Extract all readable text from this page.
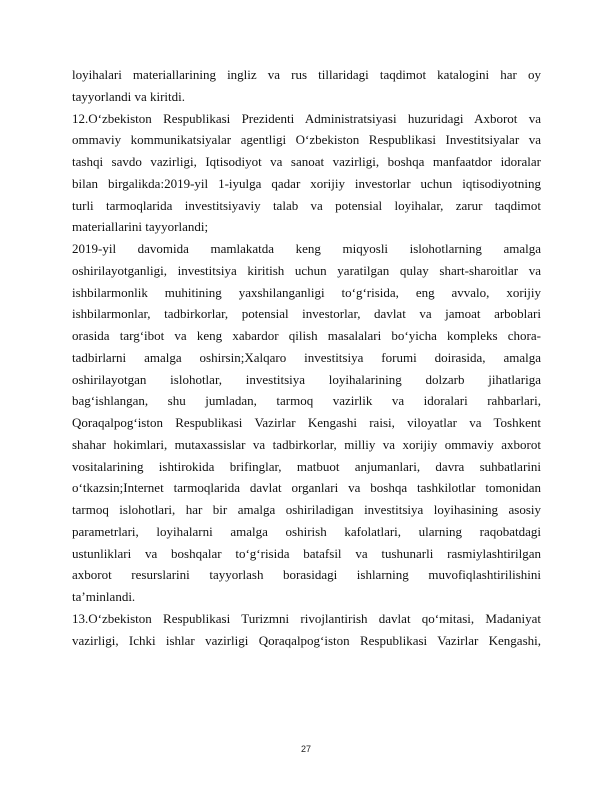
loyihalari materiallarining ingliz va rus tillaridagi taqdimot katalogini har oy
tayyorlandi va kiritdi.
12.O‘zbekiston Respublikasi Prezidenti Administratsiyasi huzuridagi Axborot va
ommaviy kommunikatsiyalar agentligi O‘zbekiston Respublikasi Investitsiyalar va
tashqi savdo vazirligi, Iqtisodiyot va sanoat vazirligi, boshqa manfaatdor idoralar
bilan birgalikda:2019-yil 1-iyulga qadar xorijiy investorlar uchun iqtisodiyotning
turli tarmoqlarida investitsiyaviy talab va potensial loyihalar, zarur taqdimot
materiallarini tayyorlandi;
2019-yil davomida mamlakatda keng miqyosli islohotlarning amalga
oshirilayotganligi, investitsiya kiritish uchun yaratilgan qulay shart-sharoitlar va
ishbilarmonlik muhitining yaxshilanganligi to‘g‘risida, eng avvalo, xorijiy
ishbilarmonlar, tadbirkorlar, potensial investorlar, davlat va jamoat arboblari
orasida targ‘ibot va keng xabardor qilish masalalari bo‘yicha kompleks chora-
tadbirlarni amalga oshirsin;Xalqaro investitsiya forumi doirasida, amalga
oshirilayotgan islohotlar, investitsiya loyihalarining dolzarb jihatlariga
bag‘ishlangan, shu jumladan, tarmoq vazirlik va idoralari rahbarlari,
Qoraqalpog‘iston Respublikasi Vazirlar Kengashi raisi, viloyatlar va Toshkent
shahar hokimlari, mutaxassislar va tadbirkorlar, milliy va xorijiy ommaviy axborot
vositalarining ishtirokida brifinglar, matbuot anjumanlari, davra suhbatlarini
o‘tkazsin;Internet tarmoqlarida davlat organlari va boshqa tashkilotlar tomonidan
tarmoq islohotlari, har bir amalga oshiriladigan investitsiya loyihasining asosiy
parametrlari, loyihalarni amalga oshirish kafolatlari, ularning raqobatdagi
ustunliklari va boshqalar to‘g‘risida batafsil va tushunarli rasmiylashtirilgan
axborot resurslarini tayyorlash borasidagi ishlarning muvofiqlashtirilishini
ta’minlandi.
13.O‘zbekiston Respublikasi Turizmni rivojlantirish davlat qo‘mitasi, Madaniyat
vazirligi, Ichki ishlar vazirligi Qoraqalpog‘iston Respublikasi Vazirlar Kengashi,
27
